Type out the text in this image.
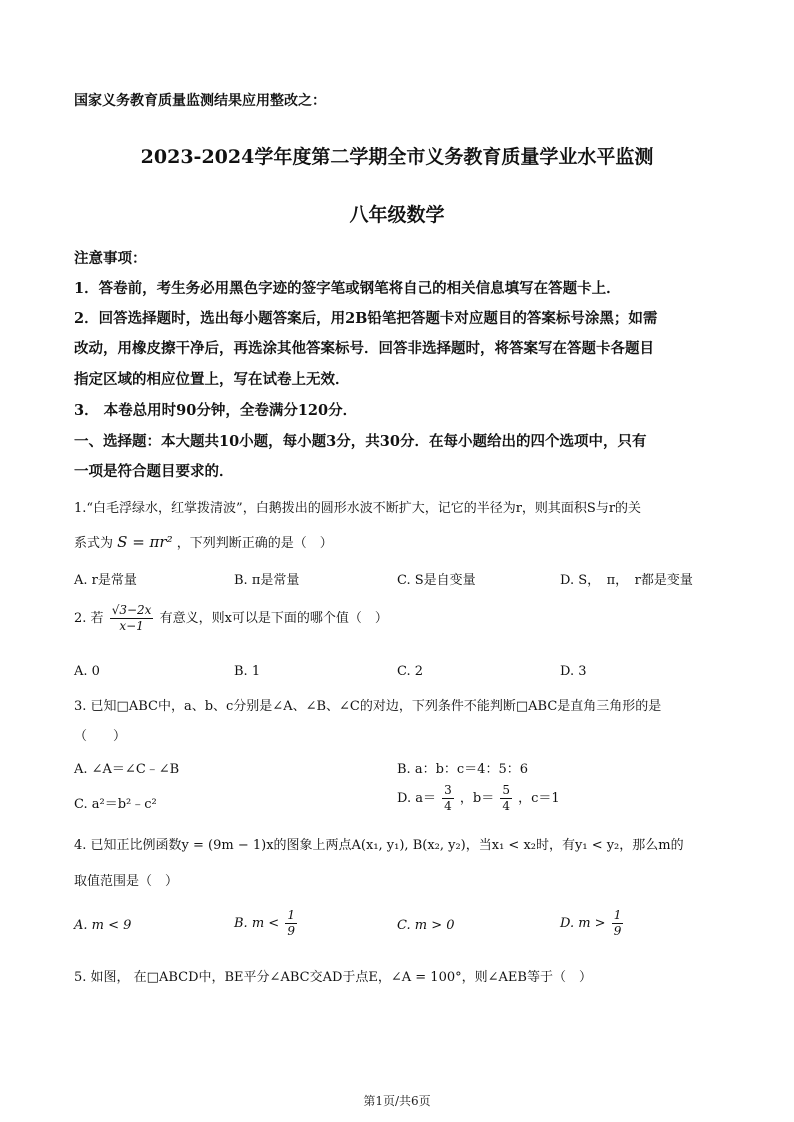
国家义务教育质量监测结果应用整改之：
2023-2024学年度第二学期全市义务教育质量学业水平监测
八年级数学
注意事项：
1．答卷前，考生务必用黑色字迹的签字笔或钢笔将自己的相关信息填写在答题卡上．
2．回答选择题时，选出每小题答案后，用2B铅笔把答题卡对应题目的答案标号涂黑；如需
改动，用橡皮擦干净后，再选涂其他答案标号．回答非选择题时，将答案写在答题卡各题目
指定区域的相应位置上，写在试卷上无效．
3． 本卷总用时90分钟，全卷满分120分．
一、选择题：本大题共10小题，每小题3分，共30分．在每小题给出的四个选项中，只有
一项是符合题目要求的．
1.“白毛浮绿水，红掌拨清波”，白鹅拨出的圆形水波不断扩大，记它的半径为r，则其面积S与r的关
系式为 S = πr² ，下列判断正确的是（　）
A. r是常量	B. π是常量	C. S是自变量	D. S，　π，　r都是变量
2. 若 $\frac{√3-2x}{x-1}$ 有意义，则x可以是下面的哪个值（　）
A. 0	B. 1	C. 2	D. 3
3. 已知□ABC中，a、b、c分别是∠A、∠B、∠C的对边，下列条件不能判断□ABC是直角三角形的是
（　　）
A. ∠A＝∠C﹣∠B	B. a：b：c＝4：5：6
C. a²＝b²﹣c²	D. $a= \frac{3}{4}$ ，$b= \frac{5}{4}$ ，c＝1
4. 已知正比例函数y = (9m − 1)x的图象上两点A(x₁, y₁), B(x₂, y₂)，当x₁ < x₂时，有y₁ < y₂，那么m的
取值范围是（　）
A. m < 9	B. $m < \frac{1}{9}$	C. m > 0	D. $m > \frac{1}{9}$
5. 如图， 在□ABCD中，BE平分∠ABC交AD于点E，∠A = 100°，则∠AEB等于（　）
第1页/共6页
